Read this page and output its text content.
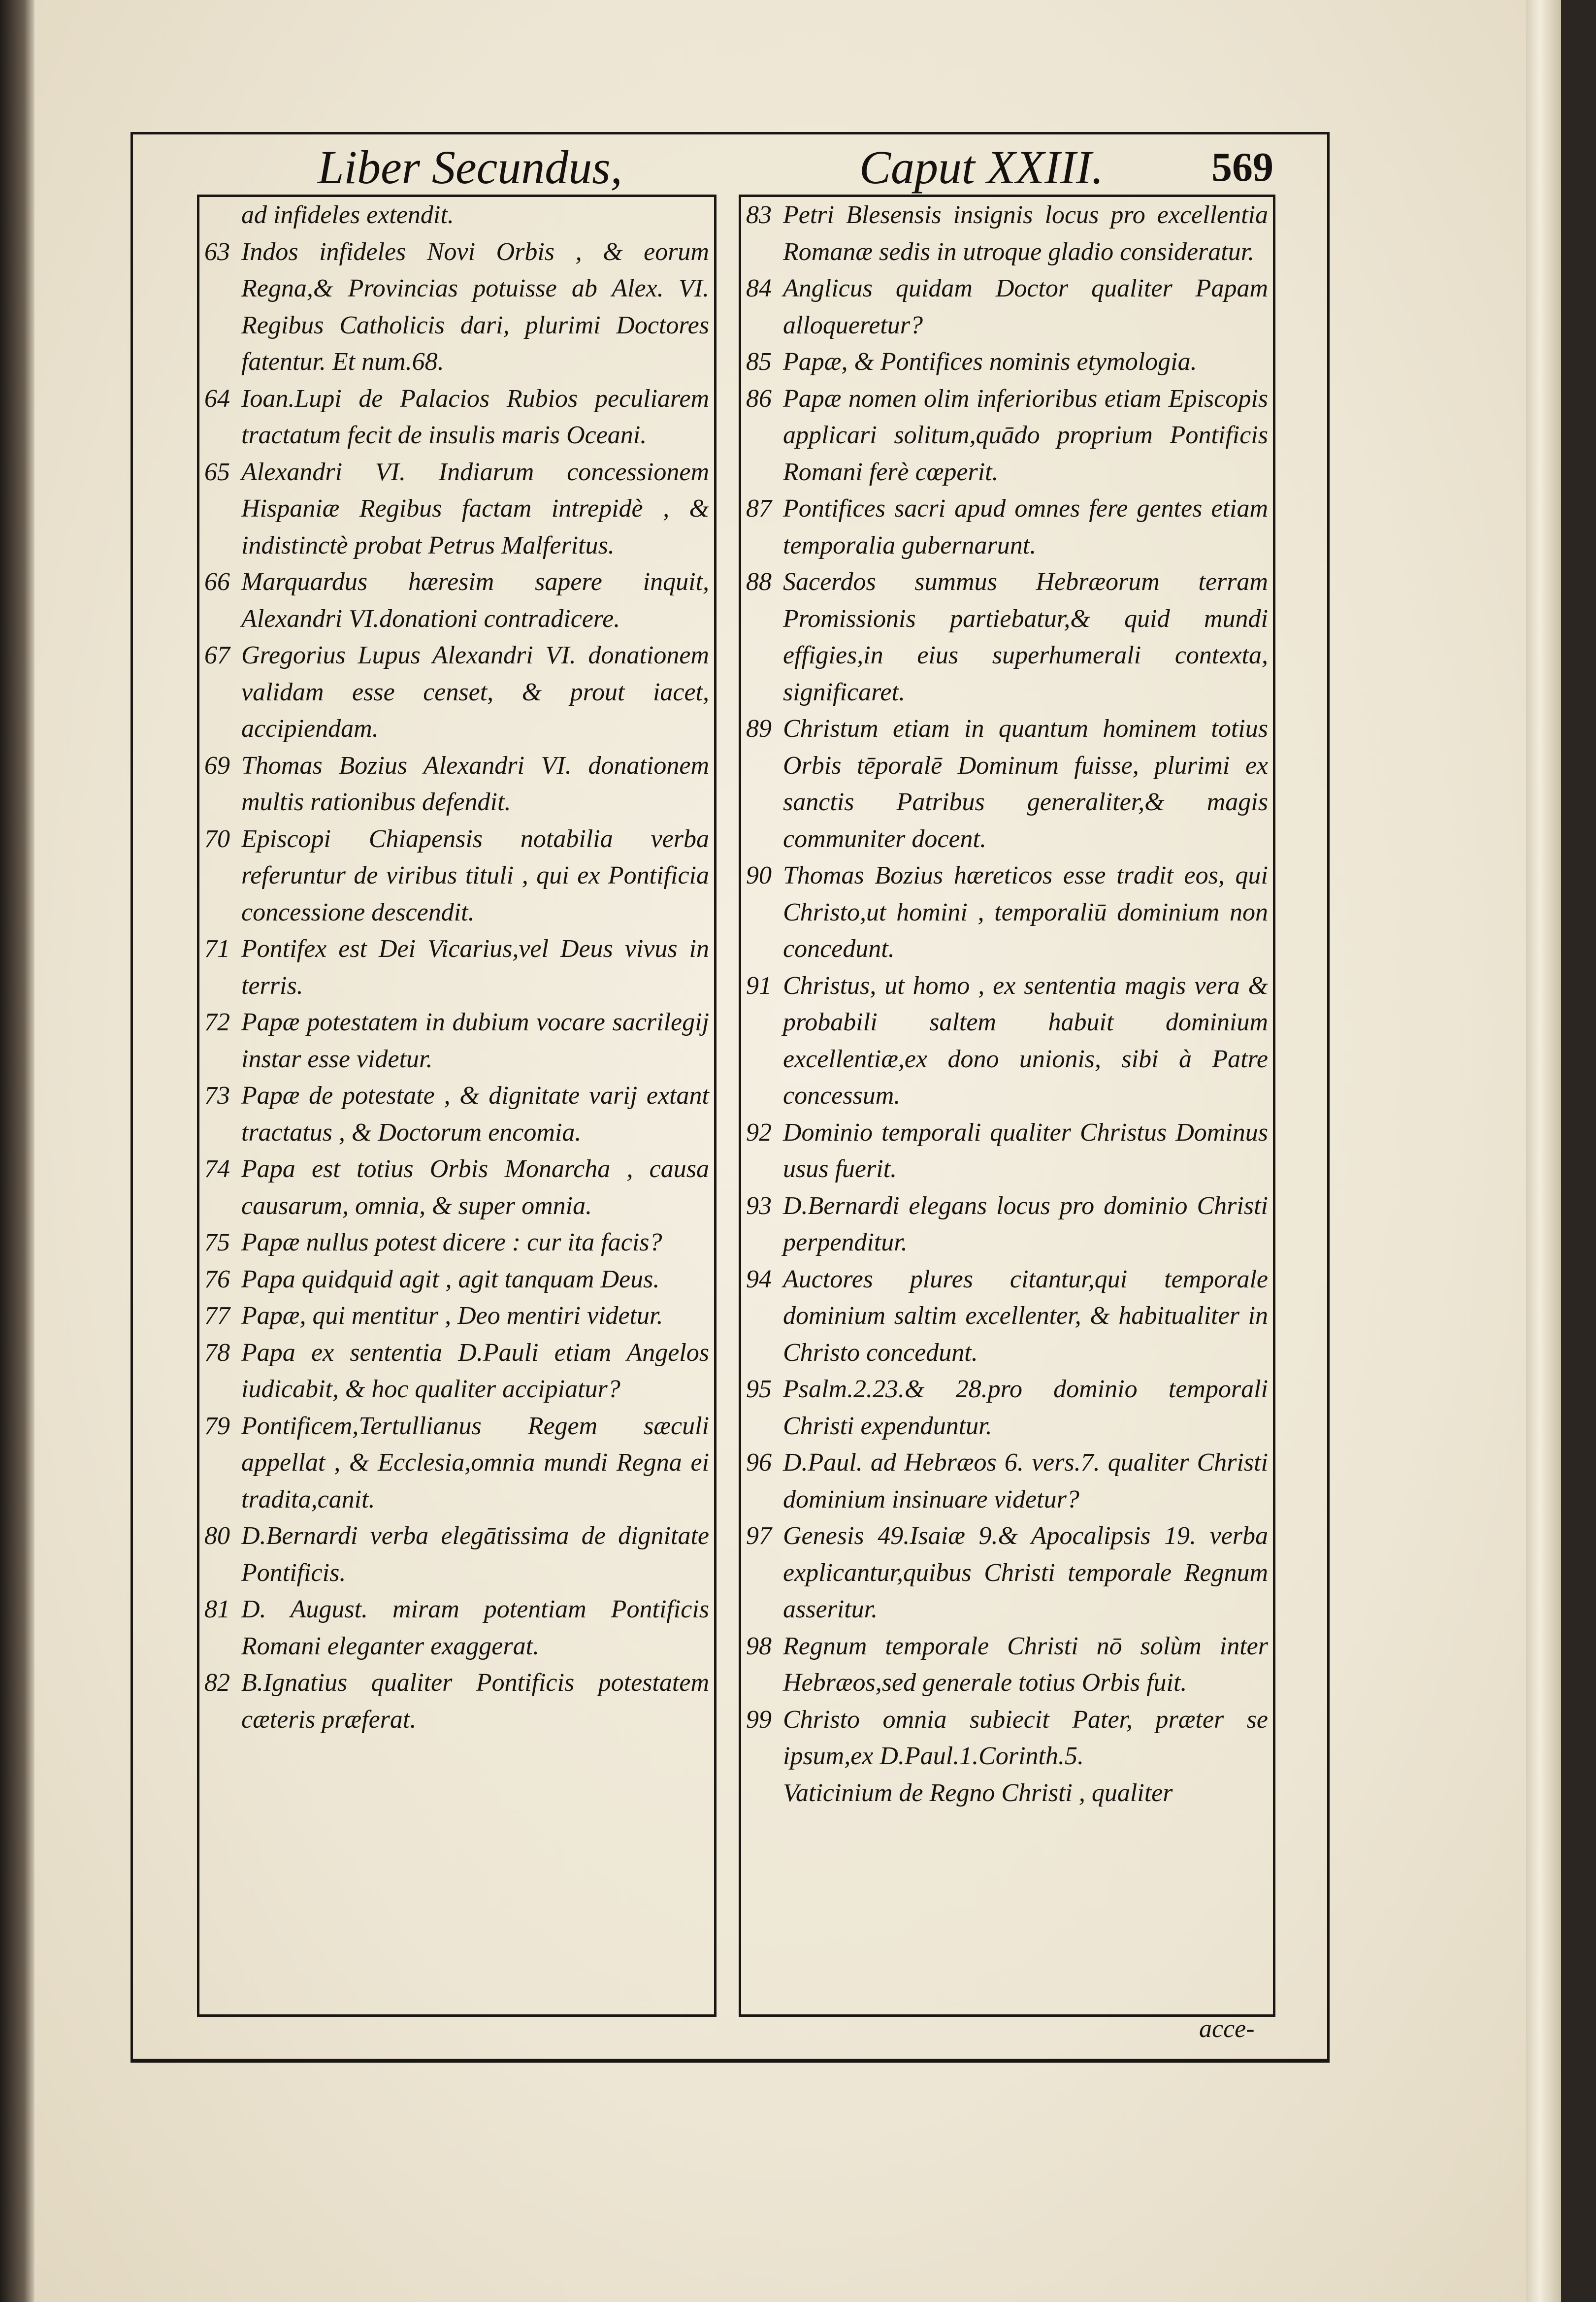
Liber Secundus,	Caput XXIII.	569

ad infideles extendit.

63 Indos infideles Novi Orbis , & eorum Regna,& Provincias potuisse ab Alex. VI. Regibus Catholicis dari, plurimi Doctores fatentur. Et num.68.

64 Ioan.Lupi de Palacios Rubios peculiarem tractatum fecit de insulis maris Oceani.

65 Alexandri VI. Indiarum concessionem Hispaniæ Regibus factam intrepidè , & indistinctè probat Petrus Malferitus.

66 Marquardus hæresim sapere inquit, Alexandri VI.donationi contradicere.

67 Gregorius Lupus Alexandri VI. donationem validam esse censet, & prout iacet, accipiendam.

69 Thomas Bozius Alexandri VI. donationem multis rationibus defendit.

70 Episcopi Chiapensis notabilia verba referuntur de viribus tituli , qui ex Pontificia concessione descendit.

71 Pontifex est Dei Vicarius,vel Deus vivus in terris.

72 Papæ potestatem in dubium vocare sacrilegij instar esse videtur.

73 Papæ de potestate , & dignitate varij extant tractatus , & Doctorum encomia.

74 Papa est totius Orbis Monarcha , causa causarum, omnia, & super omnia.

75 Papæ nullus potest dicere : cur ita facis?

76 Papa quidquid agit , agit tanquam Deus.

77 Papæ, qui mentitur , Deo mentiri videtur.

78 Papa ex sententia D.Pauli etiam Angelos iudicabit, & hoc qualiter accipiatur?

79 Pontificem,Tertullianus Regem sæculi appellat , & Ecclesia,omnia mundi Regna ei tradita,canit.

80 D.Bernardi verba elegātissima de dignitate Pontificis.

81 D. August. miram potentiam Pontificis Romani eleganter exaggerat.

82 B.Ignatius qualiter Pontificis potestatem cæteris præferat.

83 Petri Blesensis insignis locus pro excellentia Romanæ sedis in utroque gladio consideratur.

84 Anglicus quidam Doctor qualiter Papam alloqueretur?

85 Papæ, & Pontifices nominis etymologia.

86 Papæ nomen olim inferioribus etiam Episcopis applicari solitum,quādo proprium Pontificis Romani ferè cœperit.

87 Pontifices sacri apud omnes fere gentes etiam temporalia gubernarunt.

88 Sacerdos summus Hebræorum terram Promissionis partiebatur,& quid mundi effigies,in eius superhumerali contexta, significaret.

89 Christum etiam in quantum hominem totius Orbis tēporalē Dominum fuisse, plurimi ex sanctis Patribus generaliter,& magis communiter docent.

90 Thomas Bozius hæreticos esse tradit eos, qui Christo,ut homini , temporaliū dominium non concedunt.

91 Christus, ut homo , ex sententia magis vera & probabili saltem habuit dominium excellentiæ,ex dono unionis, sibi à Patre concessum.

92 Dominio temporali qualiter Christus Dominus usus fuerit.

93 D.Bernardi elegans locus pro dominio Christi perpenditur.

94 Auctores plures citantur,qui temporale dominium saltim excellenter, & habitualiter in Christo concedunt.

95 Psalm.2.23.& 28.pro dominio temporali Christi expenduntur.

96 D.Paul. ad Hebræos 6. vers.7. qualiter Christi dominium insinuare videtur?

97 Genesis 49.Isaiæ 9.& Apocalipsis 19. verba explicantur,quibus Christi temporale Regnum asseritur.

98 Regnum temporale Christi nō solùm inter Hebræos,sed generale totius Orbis fuit.

99 Christo omnia subiecit Pater, præter se ipsum,ex D.Paul.1.Corinth.5.

Vaticinium de Regno Christi , qualiter

acce-
